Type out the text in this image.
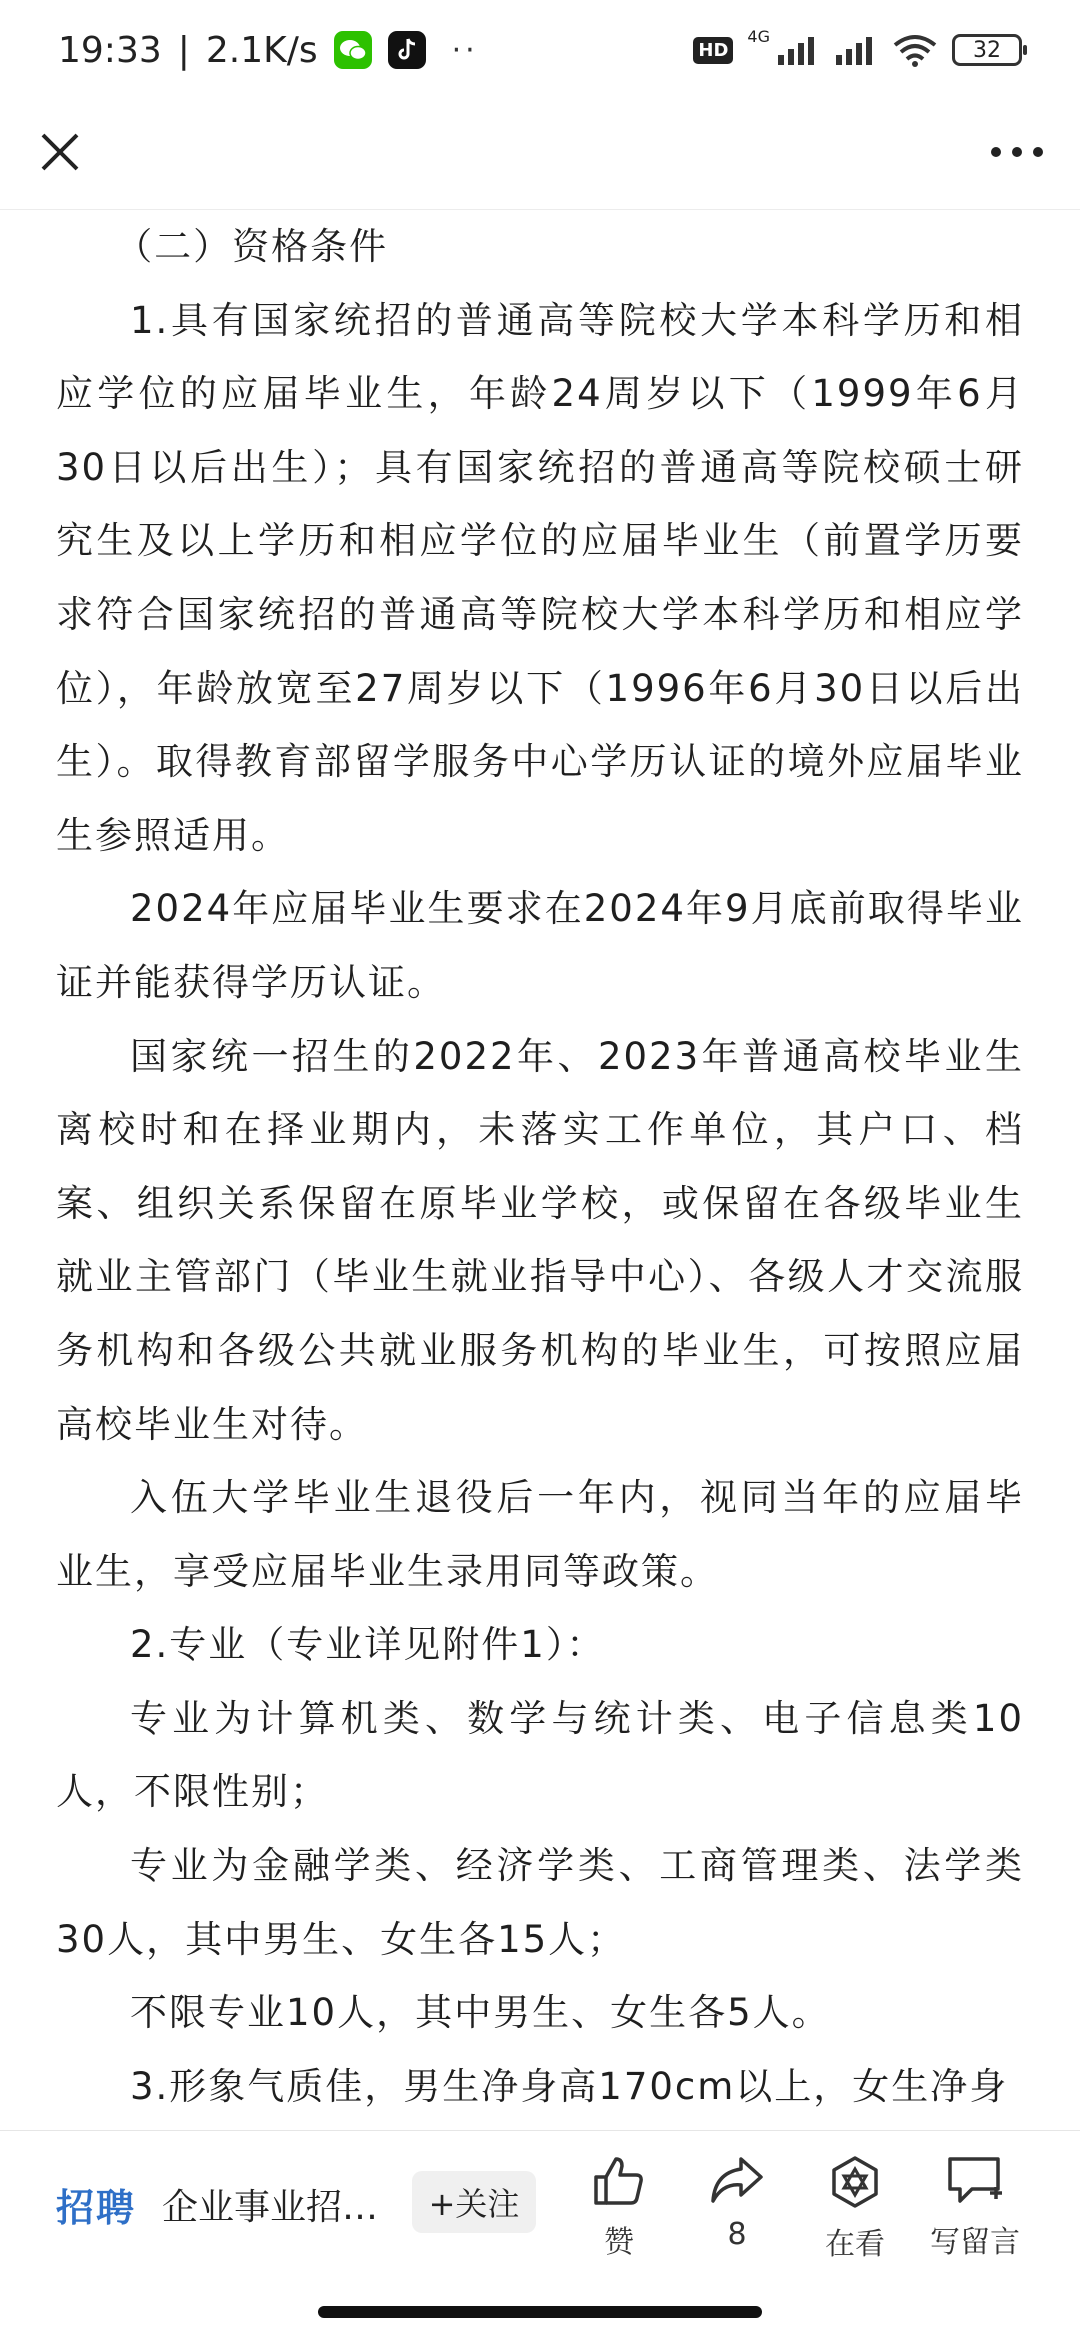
19:33 | 2.1K/s	··	HD
4G
32

（二）资格条件

1.具有国家统招的普通高等院校大学本科学历和相应学位的应届毕业生，年龄24周岁以下（1999年6月30日以后出生）；具有国家统招的普通高等院校硕士研究生及以上学历和相应学位的应届毕业生（前置学历要求符合国家统招的普通高等院校大学本科学历和相应学位），年龄放宽至27周岁以下（1996年6月30日以后出生）。取得教育部留学服务中心学历认证的境外应届毕业生参照适用。

2024年应届毕业生要求在2024年9月底前取得毕业证并能获得学历认证。

国家统一招生的2022年、2023年普通高校毕业生离校时和在择业期内，未落实工作单位，其户口、档案、组织关系保留在原毕业学校，或保留在各级毕业生就业主管部门（毕业生就业指导中心）、各级人才交流服务机构和各级公共就业服务机构的毕业生，可按照应届高校毕业生对待。

入伍大学毕业生退役后一年内，视同当年的应届毕业生，享受应届毕业生录用同等政策。

2.专业（专业详见附件1）：

专业为计算机类、数学与统计类、电子信息类10人，不限性别；

专业为金融学类、经济学类、工商管理类、法学类30人，其中男生、女生各15人；

不限专业10人，其中男生、女生各5人。

3.形象气质佳，男生净身高170cm以上，女生净身

招聘 企业事业招…	+关注
赞	8	在看 写留言
